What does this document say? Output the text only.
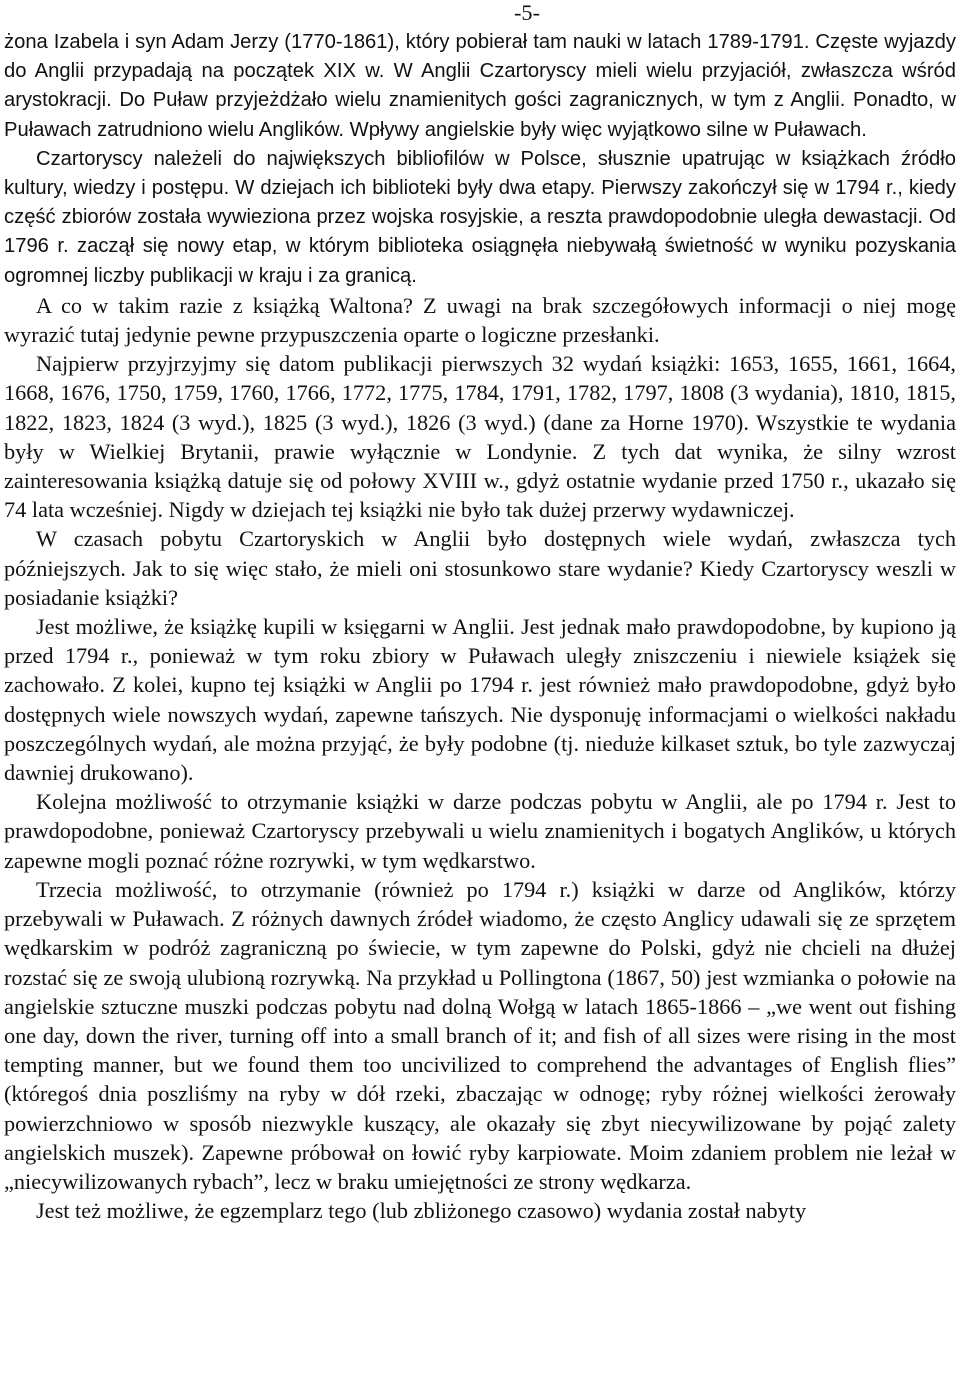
-5-

żona Izabela i syn Adam Jerzy (1770-1861), który pobierał tam nauki w latach 1789-1791. Częste wyjazdy do Anglii przypadają na początek XIX w. W Anglii Czartoryscy mieli wielu przyjaciół, zwłaszcza wśród arystokracji. Do Puław przyjeżdżało wielu znamienitych gości zagranicznych, w tym z Anglii. Ponadto, w Puławach zatrudniono wielu Anglików. Wpływy angielskie były więc wyjątkowo silne w Puławach.

Czartoryscy należeli do największych bibliofilów w Polsce, słusznie upatrując w książkach źródło kultury, wiedzy i postępu. W dziejach ich biblioteki były dwa etapy. Pierwszy zakończył się w 1794 r., kiedy część zbiorów została wywieziona przez wojska rosyjskie, a reszta prawdopodobnie uległa dewastacji. Od 1796 r. zaczął się nowy etap, w którym biblioteka osiągnęła niebywałą świetność w wyniku pozyskania ogromnej liczby publikacji w kraju i za granicą.

A co w takim razie z książką Waltona? Z uwagi na brak szczegółowych informacji o niej mogę wyrazić tutaj jedynie pewne przypuszczenia oparte o logiczne przesłanki.

Najpierw przyjrzyjmy się datom publikacji pierwszych 32 wydań książki: 1653, 1655, 1661, 1664, 1668, 1676, 1750, 1759, 1760, 1766, 1772, 1775, 1784, 1791, 1782, 1797, 1808 (3 wydania), 1810, 1815, 1822, 1823, 1824 (3 wyd.), 1825 (3 wyd.), 1826 (3 wyd.) (dane za Horne 1970). Wszystkie te wydania były w Wielkiej Brytanii, prawie wyłącznie w Londynie. Z tych dat wynika, że silny wzrost zainteresowania książką datuje się od połowy XVIII w., gdyż ostatnie wydanie przed 1750 r., ukazało się 74 lata wcześniej. Nigdy w dziejach tej książki nie było tak dużej przerwy wydawniczej.

W czasach pobytu Czartoryskich w Anglii było dostępnych wiele wydań, zwłaszcza tych późniejszych. Jak to się więc stało, że mieli oni stosunkowo stare wydanie? Kiedy Czartoryscy weszli w posiadanie książki?

Jest możliwe, że książkę kupili w księgarni w Anglii. Jest jednak mało prawdopodobne, by kupiono ją przed 1794 r., ponieważ w tym roku zbiory w Puławach uległy zniszczeniu i niewiele książek się zachowało. Z kolei, kupno tej książki w Anglii po 1794 r. jest również mało prawdopodobne, gdyż było dostępnych wiele nowszych wydań, zapewne tańszych. Nie dysponuję informacjami o wielkości nakładu poszczególnych wydań, ale można przyjąć, że były podobne (tj. nieduże kilkaset sztuk, bo tyle zazwyczaj dawniej drukowano).

Kolejna możliwość to otrzymanie książki w darze podczas pobytu w Anglii, ale po 1794 r. Jest to prawdopodobne, ponieważ Czartoryscy przebywali u wielu znamienitych i bogatych Anglików, u których zapewne mogli poznać różne rozrywki, w tym wędkarstwo.

Trzecia możliwość, to otrzymanie (również po 1794 r.) książki w darze od Anglików, którzy przebywali w Puławach. Z różnych dawnych źródeł wiadomo, że często Anglicy udawali się ze sprzętem wędkarskim w podróż zagraniczną po świecie, w tym zapewne do Polski, gdyż nie chcieli na dłużej rozstać się ze swoją ulubioną rozrywką. Na przykład u Pollingtona (1867, 50) jest wzmianka o połowie na angielskie sztuczne muszki podczas pobytu nad dolną Wołgą w latach 1865-1866 – „we went out fishing one day, down the river, turning off into a small branch of it; and fish of all sizes were rising in the most tempting manner, but we found them too uncivilized to comprehend the advantages of English flies” (któregoś dnia poszliśmy na ryby w dół rzeki, zbaczając w odnogę; ryby różnej wielkości żerowały powierzchniowo w sposób niezwykle kuszący, ale okazały się zbyt niecywilizowane by pojąć zalety angielskich muszek). Zapewne próbował on łowić ryby karpiowate. Moim zdaniem problem nie leżał w „niecywilizowanych rybach”, lecz w braku umiejętności ze strony wędkarza.

Jest też możliwe, że egzemplarz tego (lub zbliżonego czasowo) wydania został nabyty
